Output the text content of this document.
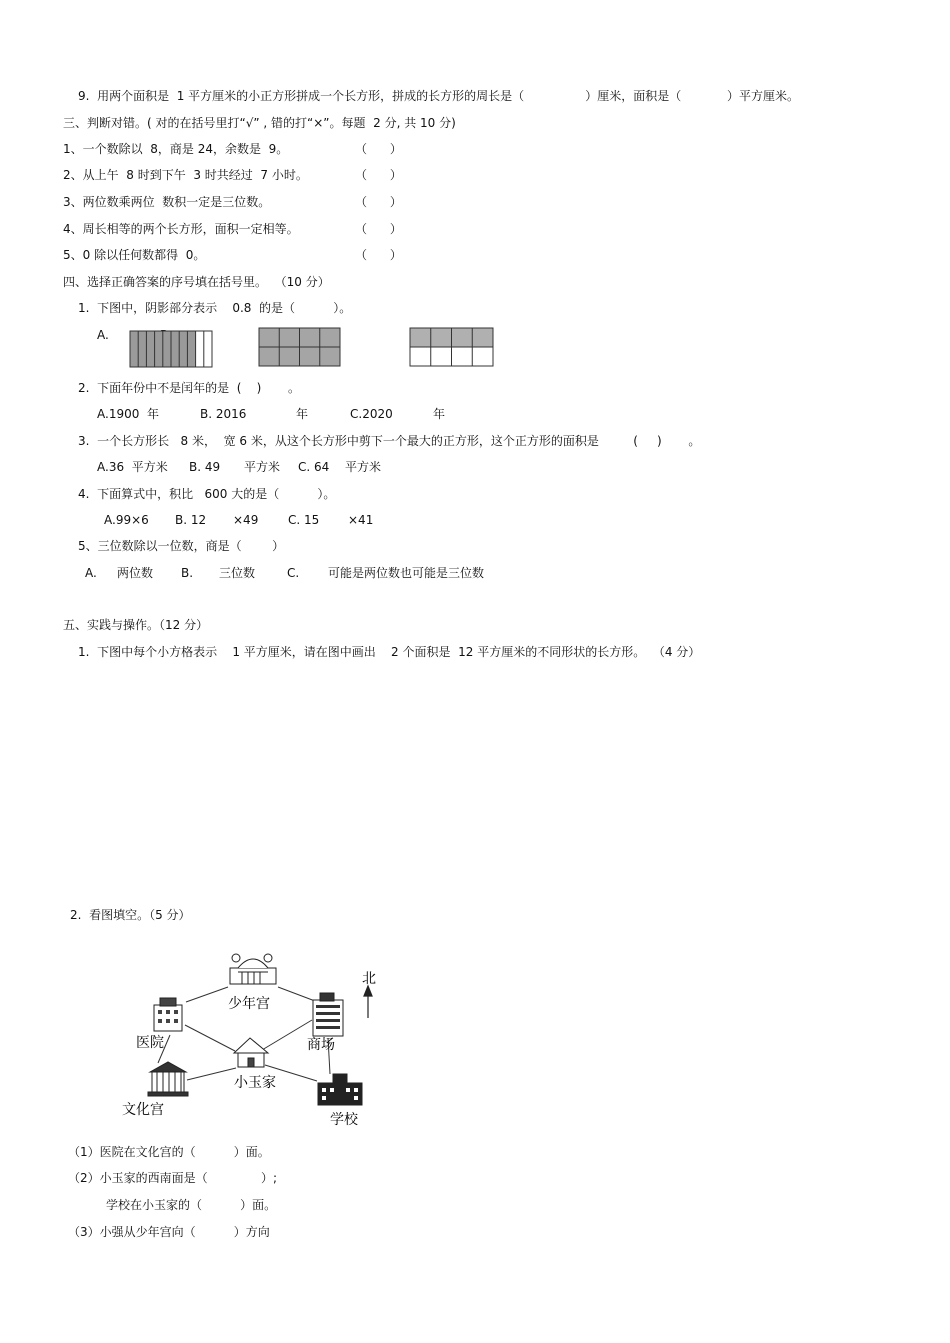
9.  用两个面积是  1 平方厘米的小正方形拼成一个长方形，拼成的长方形的周长是（                ）厘米，面积是（            ）平方厘米。
三、判断对错。( 对的在括号里打“√” , 错的打“×”。每题  2 分, 共 10 分)
1、一个数除以  8，商是 24，余数是  9。	（      ）
2、从上午  8 时到下午  3 时共经过  7 小时。	（      ）
3、两位数乘两位  数积一定是三位数。	（      ）
4、周长相等的两个长方形，面积一定相等。	（      ）
5、0 除以任何数都得  0。	（      ）
四、选择正确答案的序号填在括号里。  （10 分）
1.  下图中，阴影部分表示    0.8  的是（          ）。
A.
2.  下面年份中不是闰年的是  (    )       。
A.1900  年	B. 2016	年	C.2020	年
3.  一个长方形长   8 米，  宽 6 米，从这个长方形中剪下一个最大的正方形，这个正方形的面积是         (     )       。
A.36  平方米 B. 49 平方米 C. 64 平方米
4.  下面算式中，积比   600 大的是（          ）。
A.99×6 B. 12 ×49 C. 15 ×41
5、三位数除以一位数，商是（        ）
A. 两位数 B. 三位数	C. 可能是两位数也可能是三位数
五、实践与操作。（12 分）
1.  下图中每个小方格表示    1 平方厘米，请在图中画出    2 个面积是  12 平方厘米的不同形状的长方形。  （4 分）
2.  看图填空。（5 分）
北
少年宫
医院	商场
小玉家
文化宫
学校
（1）医院在文化宫的（          ）面。
（2）小玉家的西南面是（              ）;
学校在小玉家的（          ）面。
（3）小强从少年宫向（          ）方向
